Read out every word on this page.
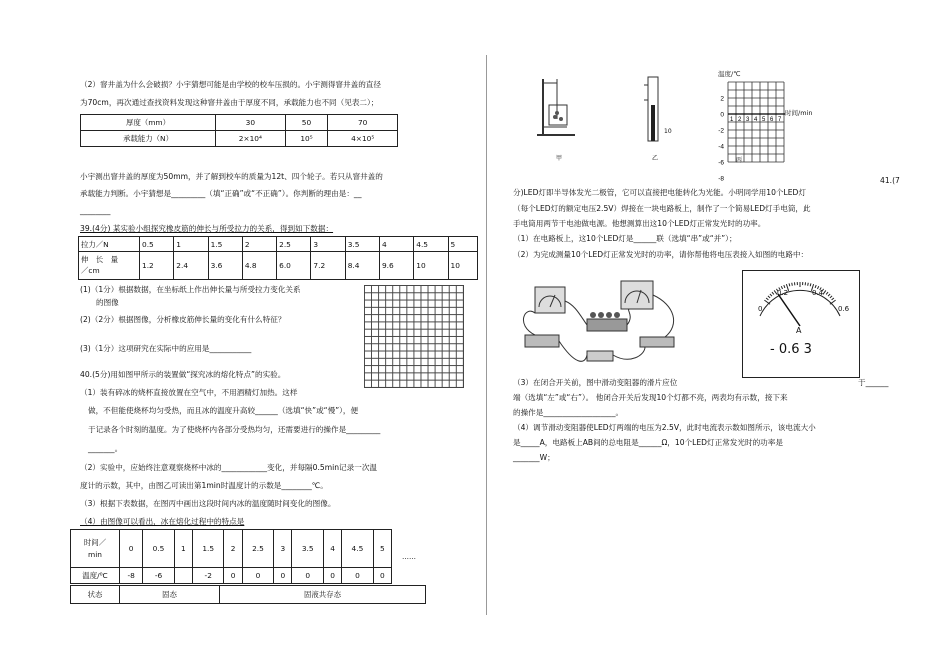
（2）窨井盖为什么会破损？小宇猜想可能是由学校的校车压损的。小宇测得窨井盖的直径
为70cm，再次通过查找资料发现这种窨井盖由于厚度不同，承载能力也不同（见表二）；
厚度（mm）	30	50	70
承载能力（N）	2×10⁴	10⁵	4×10⁵
小宇测出窨井盖的厚度为50mm，并了解到校车的质量为12t、四个轮子。若只从窨井盖的
承载能力判断。小宇猜想是_________（填“正确”或“不正确”）。你判断的理由是：__
________
39.(4分) 某实验小组探究橡皮筋的伸长与所受拉力的关系，得到如下数据：
拉力／N	0.5	1	1.5	2	2.5	3	3.5	4	4.5	5

伸　长　量
／cm	1.2	2.4	3.6	4.8	6.0	7.2	8.4	9.6	10	10
(1)（1分）根据数据，在坐标纸上作出伸长量与所受拉力变化关系
的图像
(2)（2分）根据图像，分析橡皮筋伸长量的变化有什么特征？
(3)（1分）这项研究在实际中的应用是___________
40.(5分)用如图甲所示的装置做“探究冰的熔化特点”的实验。
（1）装有碎冰的烧杯直接放置在空气中，不用酒精灯加热。这样
做，不但能使烧杯均匀受热，而且冰的温度升高较______（选填“快”或“慢”），便
于记录各个时刻的温度。为了使烧杯内各部分受热均匀，还需要进行的操作是_________
_______。
（2）实验中，应始终注意观察烧杯中冰的____________变化，并每隔0.5min记录一次温
度计的示数，其中，由图乙可读出第1min时温度计的示数是________℃。
（3）根据下表数据，在图丙中画出这段时间内冰的温度随时间变化的图像。
（4）由图像可以看出，冰在熔化过程中的特点是
时间／
min	0	0.5	1	1.5	2	2.5	3	3.5	4	4.5	5	......
温度/⁰C	-8	-6		-2	0	0	0	0	0	0	0	
状态	固态	固液共存态
甲
10
乙
2
0
-2
-4
-6
-8
1 2 3 4 5 6 7
温度/℃
时间/min
丙
41.(7
分)LED灯即半导体发光二极管，它可以直接把电能转化为光能。小明同学用10个LED灯
（每个LED灯的额定电压2.5V）焊接在一块电路板上，制作了一个简易LED灯手电筒，此
手电筒用两节干电池做电源。他想测算出这10个LED灯正常发光时的功率。
（1）在电路板上，这10个LED灯是______联（选填“串”或“并”）；
（2）为完成测量10个LED灯正常发光时的功率，请你帮他将电压表接入如图的电路中：
0
0.2	0.4
0.6
A
- 0.6 3
（3）在闭合开关前，图中滑动变阻器的滑片应位	于______
端（选填“左”或“右”）。 他闭合开关后发现10个灯都不亮，两表均有示数，接下来
的操作是___________________。
（4）调节滑动变阻器使LED灯两端的电压为2.5V，此时电流表示数如图所示，该电流大小
是_____A，电路板上AB间的总电阻是______Ω，10个LED灯正常发光时的功率是
_______W；
